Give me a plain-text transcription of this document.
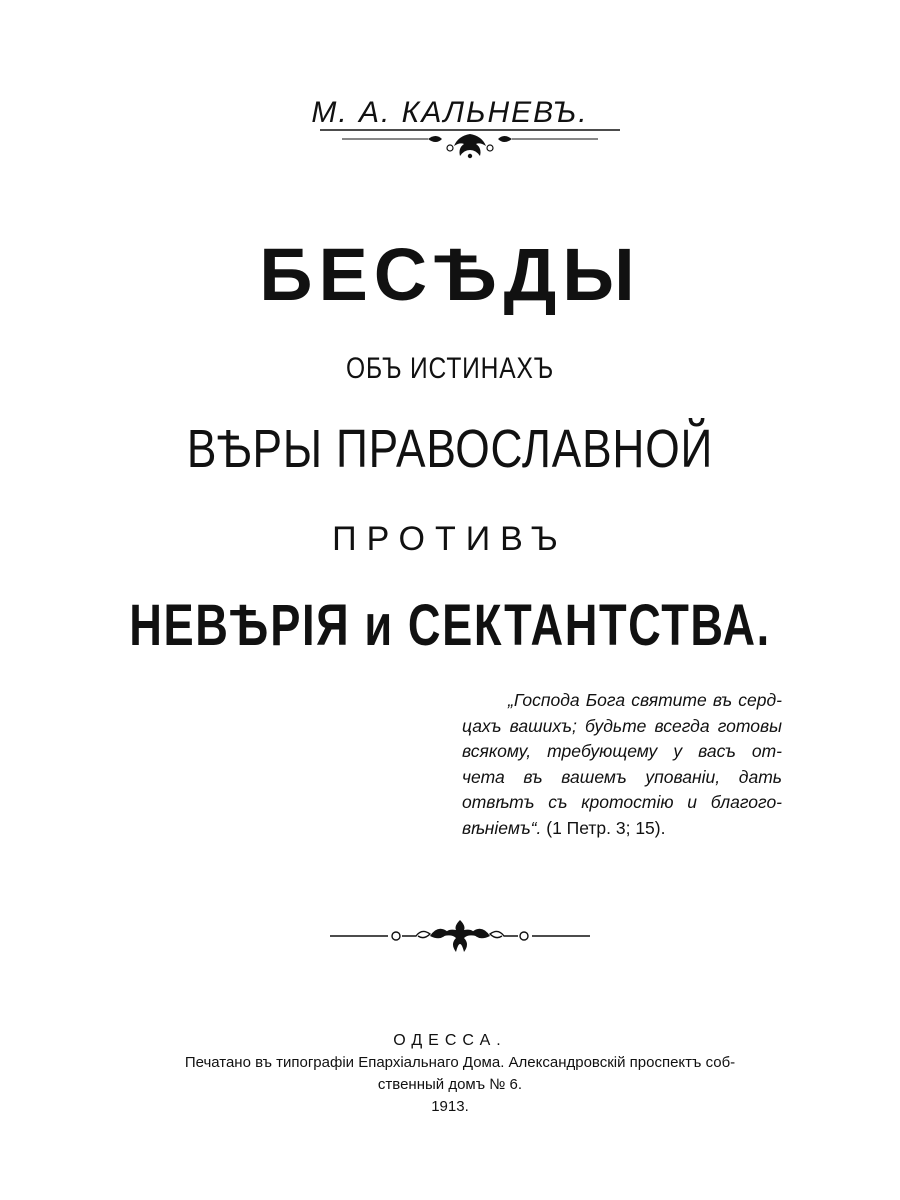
М. А. КАЛЬНЕВЪ.
БЕСѢДЫ
ОБЪ ИСТИНАХЪ
ВѢРЫ ПРАВОСЛАВНОЙ
ПРОТИВЪ
НЕВѢРІЯ и СЕКТАНТСТВА.
„Господа Бога святите въ серд-
цахъ вашихъ; будьте всегда готовы
всякому, требующему у васъ от-
чета въ вашемъ упованіи, дать
отвѣтъ съ кротостію и благого-
вѣніемъ“. (1 Петр. 3; 15).
ОДЕССА.
Печатано въ типографіи Епархіальнаго Дома. Александровскій проспектъ соб-
ственный домъ № 6.
1913.
